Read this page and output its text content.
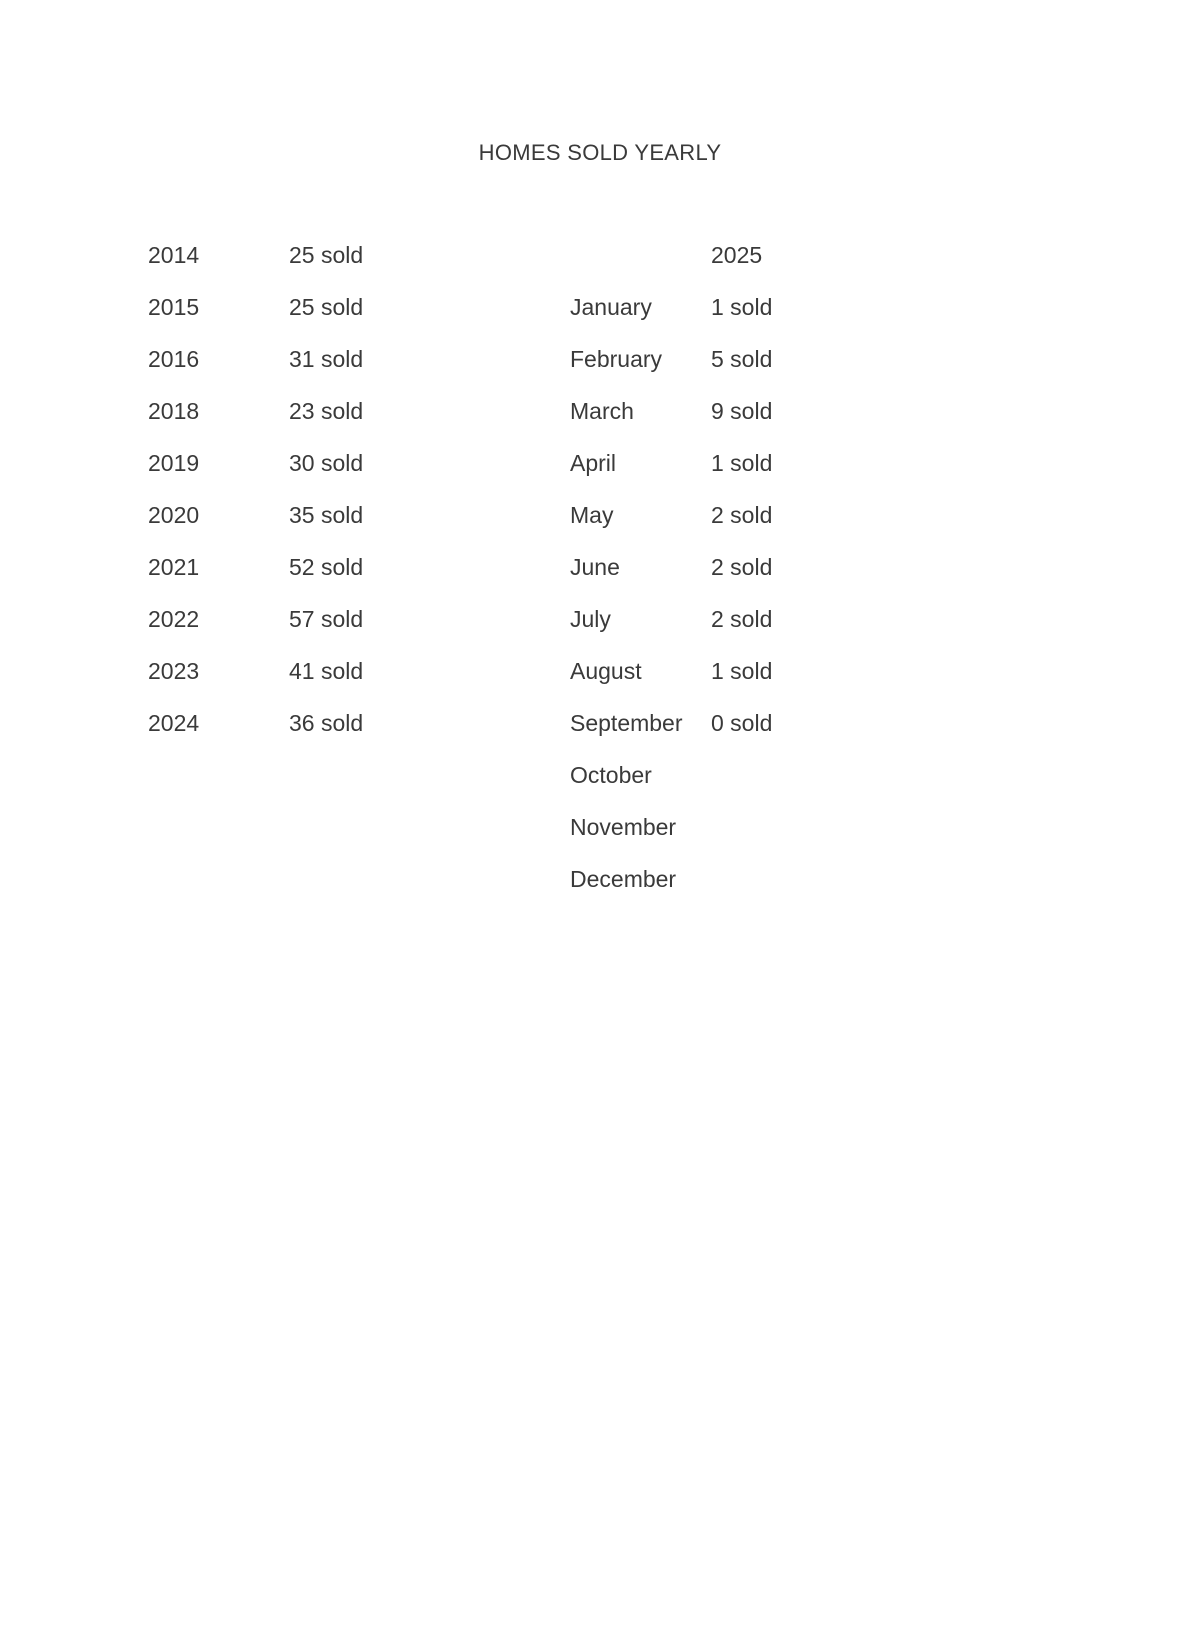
HOMES SOLD YEARLY
2014	25 sold
2015	25 sold
2016	31 sold
2018	23 sold
2019	30 sold
2020	35 sold
2021	52 sold
2022	57 sold
2023	41 sold
2024	36 sold
2025
January	1 sold
February 5 sold
March	9 sold
April	1 sold
May	2 sold
June	2 sold
July	2 sold
August	1 sold
September 0 sold
October
November
December
